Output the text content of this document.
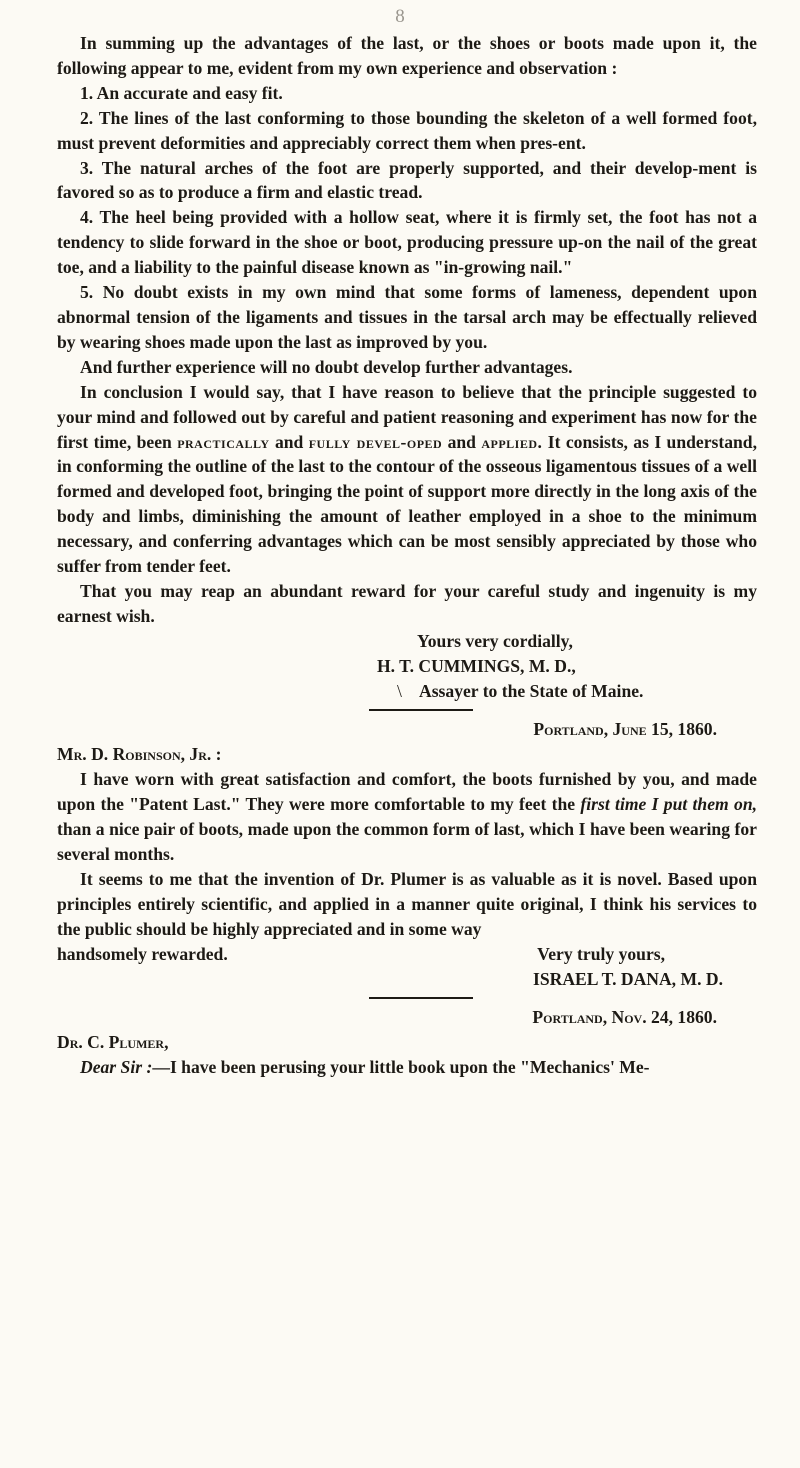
8

In summing up the advantages of the last, or the shoes or boots made upon it, the following appear to me, evident from my own experience and observation :

1. An accurate and easy fit.

2. The lines of the last conforming to those bounding the skeleton of a well formed foot, must prevent deformities and appreciably correct them when pres-ent.

3. The natural arches of the foot are properly supported, and their develop-ment is favored so as to produce a firm and elastic tread.

4. The heel being provided with a hollow seat, where it is firmly set, the foot has not a tendency to slide forward in the shoe or boot, producing pressure up-on the nail of the great toe, and a liability to the painful disease known as "in-growing nail."

5. No doubt exists in my own mind that some forms of lameness, dependent upon abnormal tension of the ligaments and tissues in the tarsal arch may be effectually relieved by wearing shoes made upon the last as improved by you.

And further experience will no doubt develop further advantages.

In conclusion I would say, that I have reason to believe that the principle suggested to your mind and followed out by careful and patient reasoning and experiment has now for the first time, been practically and fully devel-oped and applied. It consists, as I understand, in conforming the outline of the last to the contour of the osseous ligamentous tissues of a well formed and developed foot, bringing the point of support more directly in the long axis of the body and limbs, diminishing the amount of leather employed in a shoe to the minimum necessary, and conferring advantages which can be most sensibly appreciated by those who suffer from tender feet.

That you may reap an abundant reward for your careful study and ingenuity is my earnest wish.

Yours very cordially,

H. T. CUMMINGS, M. D.,

\ Assayer to the State of Maine.

Portland, June 15, 1860.

Mr. D. Robinson, Jr. :

I have worn with great satisfaction and comfort, the boots furnished by you, and made upon the "Patent Last." They were more comfortable to my feet the first time I put them on, than a nice pair of boots, made upon the common form of last, which I have been wearing for several months.

It seems to me that the invention of Dr. Plumer is as valuable as it is novel. Based upon principles entirely scientific, and applied in a manner quite original, I think his services to the public should be highly appreciated and in some way

handsomely rewarded.	Very truly yours,

ISRAEL T. DANA, M. D.

Portland, Nov. 24, 1860.

Dr. C. Plumer,

Dear Sir :—I have been perusing your little book upon the "Mechanics' Me-
